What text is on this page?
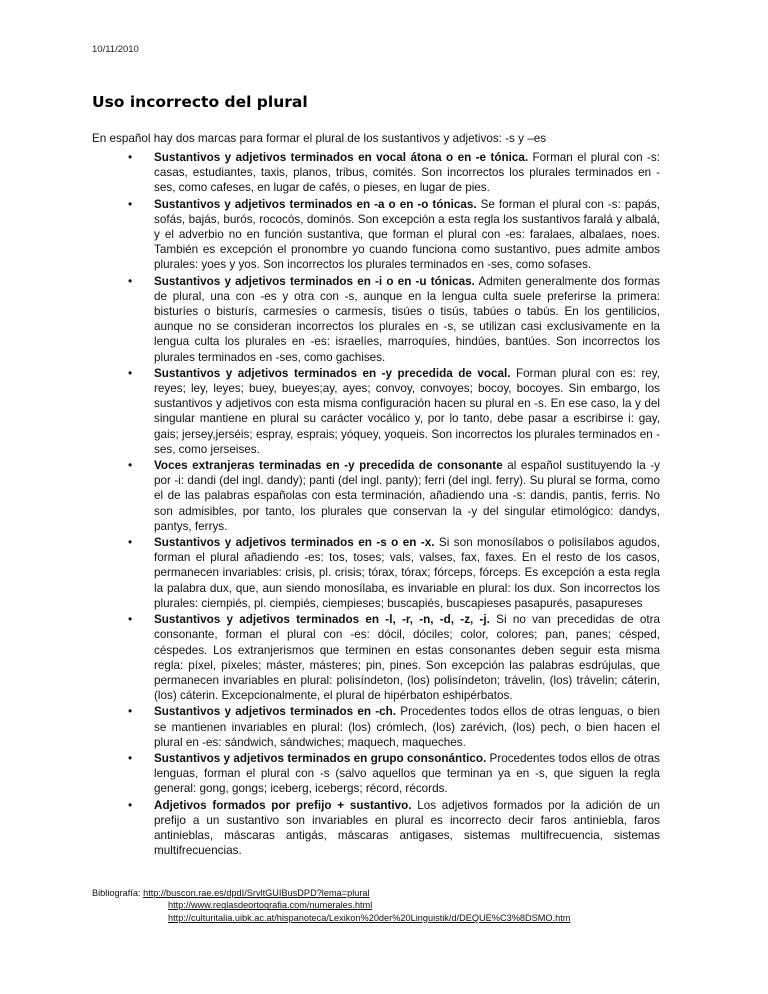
10/11/2010
Uso incorrecto del plural

En español hay dos marcas para formar el plural de los sustantivos y adjetivos: -s y –es

• Sustantivos y adjetivos terminados en vocal átona o en -e tónica. Forman el plural con -s: casas, estudiantes, taxis, planos, tribus, comités. Son incorrectos los plurales terminados en -ses, como cafeses, en lugar de cafés, o pieses, en lugar de pies.
• Sustantivos y adjetivos terminados en -a o en -o tónicas. Se forman el plural con -s: papás, sofás, bajás, burós, rococós, dominós. Son excepción a esta regla los sustantivos faralá y albalá, y el adverbio no en función sustantiva, que forman el plural con -es: faralaes, albalaes, noes. También es excepción el pronombre yo cuando funciona como sustantivo, pues admite ambos plurales: yoes y yos. Son incorrectos los plurales terminados en -ses, como sofases.
• Sustantivos y adjetivos terminados en -i o en -u tónicas. Admiten generalmente dos formas de plural, una con -es y otra con -s, aunque en la lengua culta suele preferirse la primera: bisturíes o bisturís, carmesíes o carmesís, tisúes o tisús, tabúes o tabús. En los gentilicios, aunque no se consideran incorrectos los plurales en -s, se utilizan casi exclusivamente en la lengua culta los plurales en -es: israelíes, marroquíes, hindúes, bantúes. Son incorrectos los plurales terminados en -ses, como gachises.
• Sustantivos y adjetivos terminados en -y precedida de vocal. Forman plural con es: rey, reyes; ley, leyes; buey, bueyes;ay, ayes; convoy, convoyes; bocoy, bocoyes. Sin embargo, los sustantivos y adjetivos con esta misma configuración hacen su plural en -s. En ese caso, la y del singular mantiene en plural su carácter vocálico y, por lo tanto, debe pasar a escribirse i: gay, gais; jersey,jerséis; espray, esprais; yóquey, yoqueis. Son incorrectos los plurales terminados en -ses, como jerseises.
• Voces extranjeras terminadas en -y precedida de consonante al español sustituyendo la -y por -i: dandi (del ingl. dandy); panti (del ingl. panty); ferri (del ingl. ferry). Su plural se forma, como el de las palabras españolas con esta terminación, añadiendo una -s: dandis, pantis, ferris. No son admisibles, por tanto, los plurales que conservan la -y del singular etimológico: dandys, pantys, ferrys.
• Sustantivos y adjetivos terminados en -s o en -x. Si son monosílabos o polisílabos agudos, forman el plural añadiendo -es: tos, toses; vals, valses, fax, faxes. En el resto de los casos, permanecen invariables: crisis, pl. crisis; tórax, tórax; fórceps, fórceps. Es excepción a esta regla la palabra dux, que, aun siendo monosílaba, es invariable en plural: los dux. Son incorrectos los plurales: ciempiés, pl. ciempiés, ciempieses; buscapiés, buscapieses pasapurés, pasapureses
• Sustantivos y adjetivos terminados en -l, -r, -n, -d, -z, -j. Si no van precedidas de otra consonante, forman el plural con -es: dócil, dóciles; color, colores; pan, panes; césped, céspedes. Los extranjerismos que terminen en estas consonantes deben seguir esta misma regla: píxel, píxeles; máster, másteres; pin, pines. Son excepción las palabras esdrújulas, que permanecen invariables en plural: polisíndeton, (los) polisíndeton; trávelin, (los) trávelin; cáterin, (los) cáterin. Excepcionalmente, el plural de hipérbaton eshipérbatos.
• Sustantivos y adjetivos terminados en -ch. Procedentes todos ellos de otras lenguas, o bien se mantienen invariables en plural: (los) crómlech, (los) zarévich, (los) pech, o bien hacen el plural en -es: sándwich, sándwiches; maquech, maqueches.
• Sustantivos y adjetivos terminados en grupo consonántico. Procedentes todos ellos de otras lenguas, forman el plural con -s (salvo aquellos que terminan ya en -s, que siguen la regla general: gong, gongs; iceberg, icebergs; récord, récords.
• Adjetivos formados por prefijo + sustantivo. Los adjetivos formados por la adición de un prefijo a un sustantivo son invariables en plural es incorrecto decir faros antiniebla, faros antinieblas, máscaras antigás, máscaras antigases, sistemas multifrecuencia, sistemas multifrecuencias.
Bibliografía: http://buscon.rae.es/dpdI/SrvltGUIBusDPD?lema=plural
http://www.reglasdeortografia.com/numerales.html
http://culturitalia.uibk.ac.at/hispanoteca/Lexikon%20der%20Linguistik/d/DEQUE%C3%8DSMO.htm
